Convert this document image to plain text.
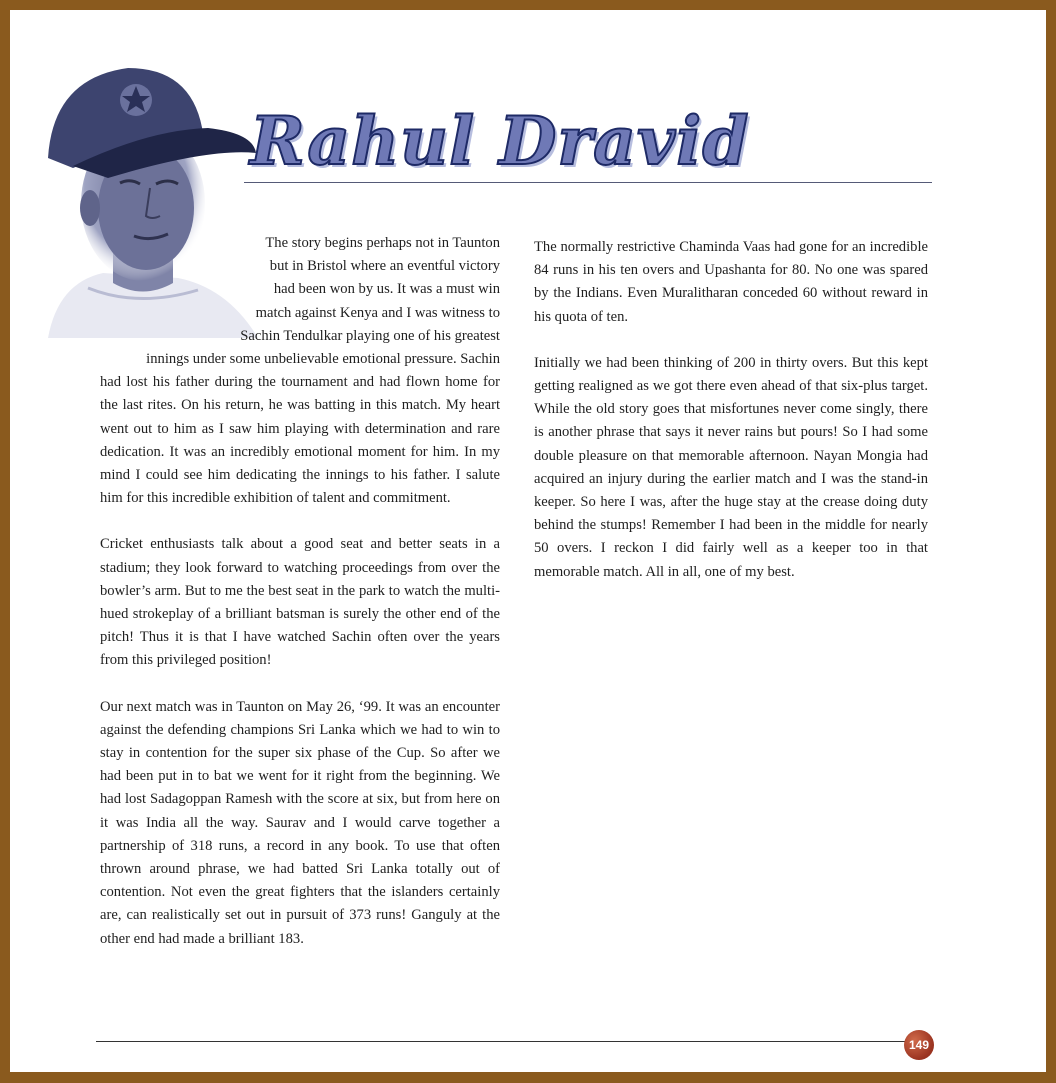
Rahul Dravid

The story begins perhaps not in Taunton
but in Bristol where an eventful victory
had been won by us. It was a must win
match against Kenya and I was witness to
Sachin Tendulkar playing one of his greatest
innings under some unbelievable emotional pressure. Sachin
had lost his father during the tournament and had flown home for the last rites. On his return, he was batting in this match. My heart went out to him as I saw him playing with determination and rare dedication. It was an incredibly emotional moment for him. In my mind I could see him dedicating the innings to his father. I salute him for this incredible exhibition of talent and commitment.

Cricket enthusiasts talk about a good seat and better seats in a stadium; they look forward to watching proceedings from over the bowler’s arm. But to me the best seat in the park to watch the multi-hued strokeplay of a brilliant batsman is surely the other end of the pitch! Thus it is that I have watched Sachin often over the years from this privileged position!

Our next match was in Taunton on May 26, ‘99. It was an encounter against the defending champions Sri Lanka which we had to win to stay in contention for the super six phase of the Cup. So after we had been put in to bat we went for it right from the beginning. We had lost Sadagoppan Ramesh with the score at six, but from here on it was India all the way. Saurav and I would carve together a partnership of 318 runs, a record in any book. To use that often thrown around phrase, we had batted Sri Lanka totally out of contention. Not even the great fighters that the islanders certainly are, can realistically set out in pursuit of 373 runs! Ganguly at the other end had made a brilliant 183.

The normally restrictive Chaminda Vaas had gone for an incredible 84 runs in his ten overs and Upashanta for 80. No one was spared by the Indians. Even Muralitharan conceded 60 without reward in his quota of ten.

Initially we had been thinking of 200 in thirty overs. But this kept getting realigned as we got there even ahead of that six-plus target. While the old story goes that misfortunes never come singly, there is another phrase that says it never rains but pours! So I had some double pleasure on that memorable afternoon. Nayan Mongia had acquired an injury during the earlier match and I was the stand-in keeper. So here I was, after the huge stay at the crease doing duty behind the stumps! Remember I had been in the middle for nearly 50 overs. I reckon I did fairly well as a keeper too in that memorable match. All in all, one of my best.

149
